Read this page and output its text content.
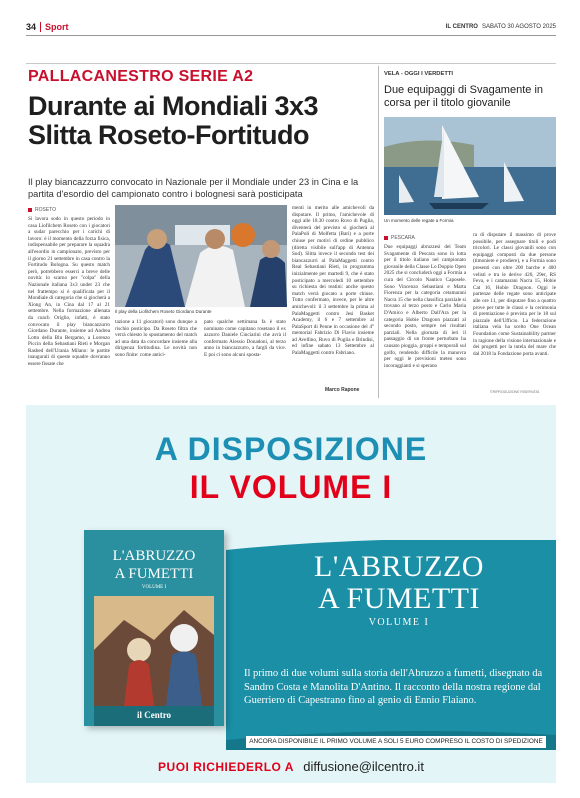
34 Sport	IL CENTRO SABATO 30 AGOSTO 2025
PALLACANESTRO SERIE A2
Durante ai Mondiali 3x3
Slitta Roseto-Fortitudo
Il play biancazzurro convocato in Nazionale per il Mondiale under 23 in Cina e la partita d'esordio del campionato contro i bolognesi sarà posticipata
ROSETO
Si lavora sodo in questo periodo in casa Liofilchem Roseto con i giocatori a sudar parecchio per i carichi di lavoro: è il momento della forza fisica, indispensabile per preparare la squadra all'esordio in campionato, previsto per il giorno 21 settembre in casa contro la Fortitudo Bologna. Su questo match però, potrebbero esserci a breve delle novità: lo scarno per "colpa" della Nazionale italiana 3x3 under 23 che nel frattempo si è qualificata per il Mondiale di categoria che si giocherà a Xiong An, in Cina dal 17 al 21 settembre. Nella formazione allenata da coach Origlio, infatti, è stato convocato il play biancazzurro Giordano Durante, insieme ad Andrea Lotto della Blu Bergamo, a Lorenzo Piccin della Sebastiani Rieti e Morgan Rasbed dell'Urania Milano: le partite inaugurali di queste squadre dovranno essere fissate che
Il play della Liofilchem Roseto Giordano Durante
tazione a 11 giocatori) sono dunque a rischio posticipo. Da Roseto filtra che verrà chiesto lo spostamento del match ad una data da concordare insieme alla dirigenza fortitudina. Le novità non sono finite: come antici-
pato qualche settimana fa è stato nominato come capitano rosetano il ex azzurro Daniele Cinciarini che avrà il confermato Alessio Donadoni, al terzo anno in biancazzurro, a fargli da vice. E poi ci sono alcuni sposta-
menti in merito alle amichevoli da disputare. Il primo, l'amichevole di oggi alle 18.30 contro Ruvo di Puglia, diventerà del previsto si giocherà al PalaPoli di Molfetta (Bari) e a porte chiuse per motivi di ordine pubblico (diretta visibile sull'app di Antenna Sud). Slitta invece il secondo test dei biancazzurri al PalaMaggetti contro Real Sebastiani Rieti, in programma inizialmente per martedì 9, che è stato posticipato a mercoledì 10 settembre su richiesta dei reatini: anche questo match verrà giocato a porte chiuse. Tutto confermato, invece, per le altre amichevoli: il 3 settembre la prima al PalaMaggetti contro Jesi Basket Academy, il 6 e 7 settembre al PalaSport di Penne in occasione del 4° memorial Fabrizio Di Flavio insieme ad Avellino, Ruvo di Puglia e Brindisi, ed infine sabato 13 Settembre al PalaMaggetti contro Fabriano.
Marco Rapone
VELA - OGGI I VERDETTI
Due equipaggi di Svagamente in corsa per il titolo giovanile
Un momento delle regate a Formia
PESCARA
Due equipaggi abruzzesi del Team Svagamente di Pescara sono in lotta per il titolo italiano nel campionato giovanile della Classe Lo Doppio Open 2025 che si concluderà oggi a Formia a cura del Circolo Nautico Caposele. Sono Vincenzo Sebastiani e Marta Fiorenza per la categoria cetamarani Nacra 15 che nella classifica parziale si trovano al terzo posto e Carlo Maria D'Amico e Alberto Dall'Ara per la categoria Hobie Dragoon piazzati al secondo posto, sempre nei risultati parziali. Nella giornata di ieri il passaggio di un fronte perturbato ha causato pioggia, groppi e temporali sul golfo, rendendo difficile la manovra per oggi le previsioni meteo sono incoraggianti e si sperano
ra di disputare il massimo di prove possibile, per assegnare titoli e podi tricolori. Le classi giovanili sono con equipaggi composti da due persone (timoniere e prodiere), e a Formia sono presenti con oltre 200 barche e 400 velisti e tra le derive 420, 29er, RS Feva, e i catamarani Nacra 15, Hobie Cat 16, Hobie Dragoon. Oggi le partenze delle regate sono anticipate alle ore 11, per disputare fino a quattro prove per tutte le classi e la cerimonia di premiazione è prevista per le 18 sul piazzale dell'Ufficio. La federazione italiana vela ha scelto One Ocean Foundation come Sustainability partner in ragione della visione internazionale e dei progetti per la tutela del mare che dal 2018 la Fondazione porta avanti.
©RIPRODUZIONE RISERVATA
A DISPOSIZIONE
IL VOLUME I
L'ABRUZZO
A FUMETTI
VOLUME I
il Centro
L'ABRUZZO
A FUMETTI
VOLUME I
Il primo di due volumi sulla storia dell'Abruzzo a fumetti, disegnato da Sandro Costa e Manolita D'Antino. Il racconto della nostra regione dal Guerriero di Capestrano fino al genio di Ennio Flaiano.
ANCORA DISPONIBILE IL PRIMO VOLUME A SOLI 5 EURO COMPRESO IL COSTO DI SPEDIZIONE
PUOI RICHIEDERLO A diffusione@ilcentro.it
